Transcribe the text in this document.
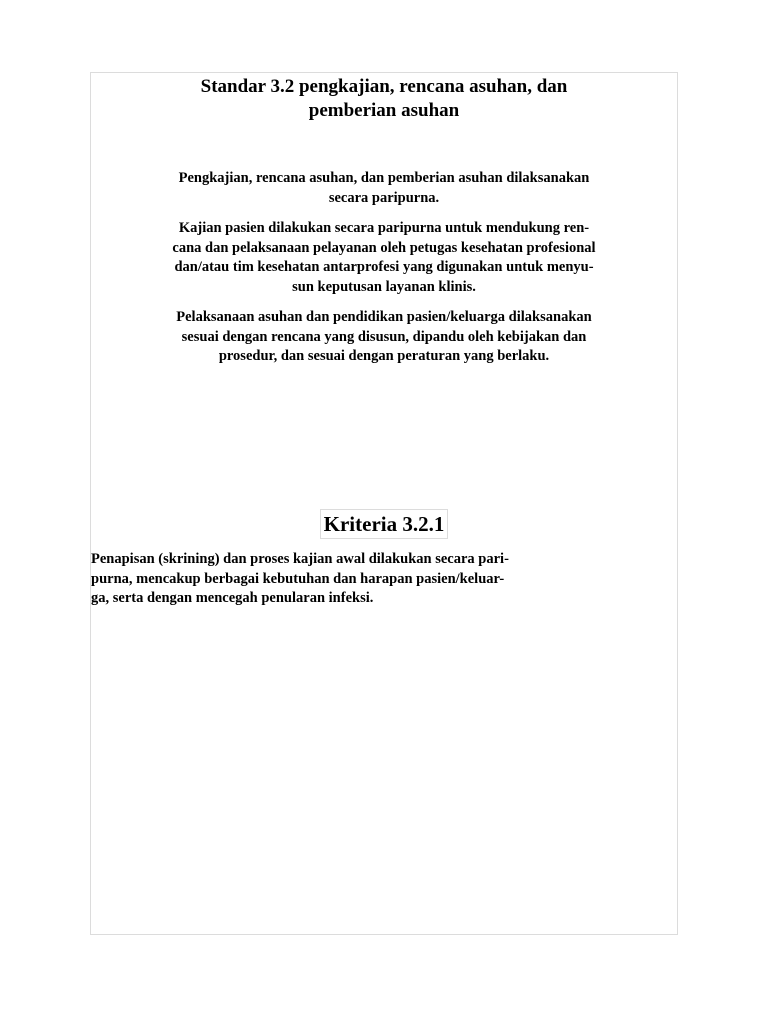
Standar 3.2 pengkajian, rencana asuhan, dan
pemberian asuhan

Pengkajian, rencana asuhan, dan pemberian asuhan dilaksanakan
secara paripurna.

Kajian pasien dilakukan secara paripurna untuk mendukung ren-
cana dan pelaksanaan pelayanan oleh petugas kesehatan profesional
dan/atau tim kesehatan antarprofesi yang digunakan untuk menyu-
sun keputusan layanan klinis.

Pelaksanaan asuhan dan pendidikan pasien/keluarga dilaksanakan
sesuai dengan rencana yang disusun, dipandu oleh kebijakan dan
prosedur, dan sesuai dengan peraturan yang berlaku.

Kriteria 3.2.1

Penapisan (skrining) dan proses kajian awal dilakukan secara pari-
purna, mencakup berbagai kebutuhan dan harapan pasien/keluar-
ga, serta dengan mencegah penularan infeksi.
